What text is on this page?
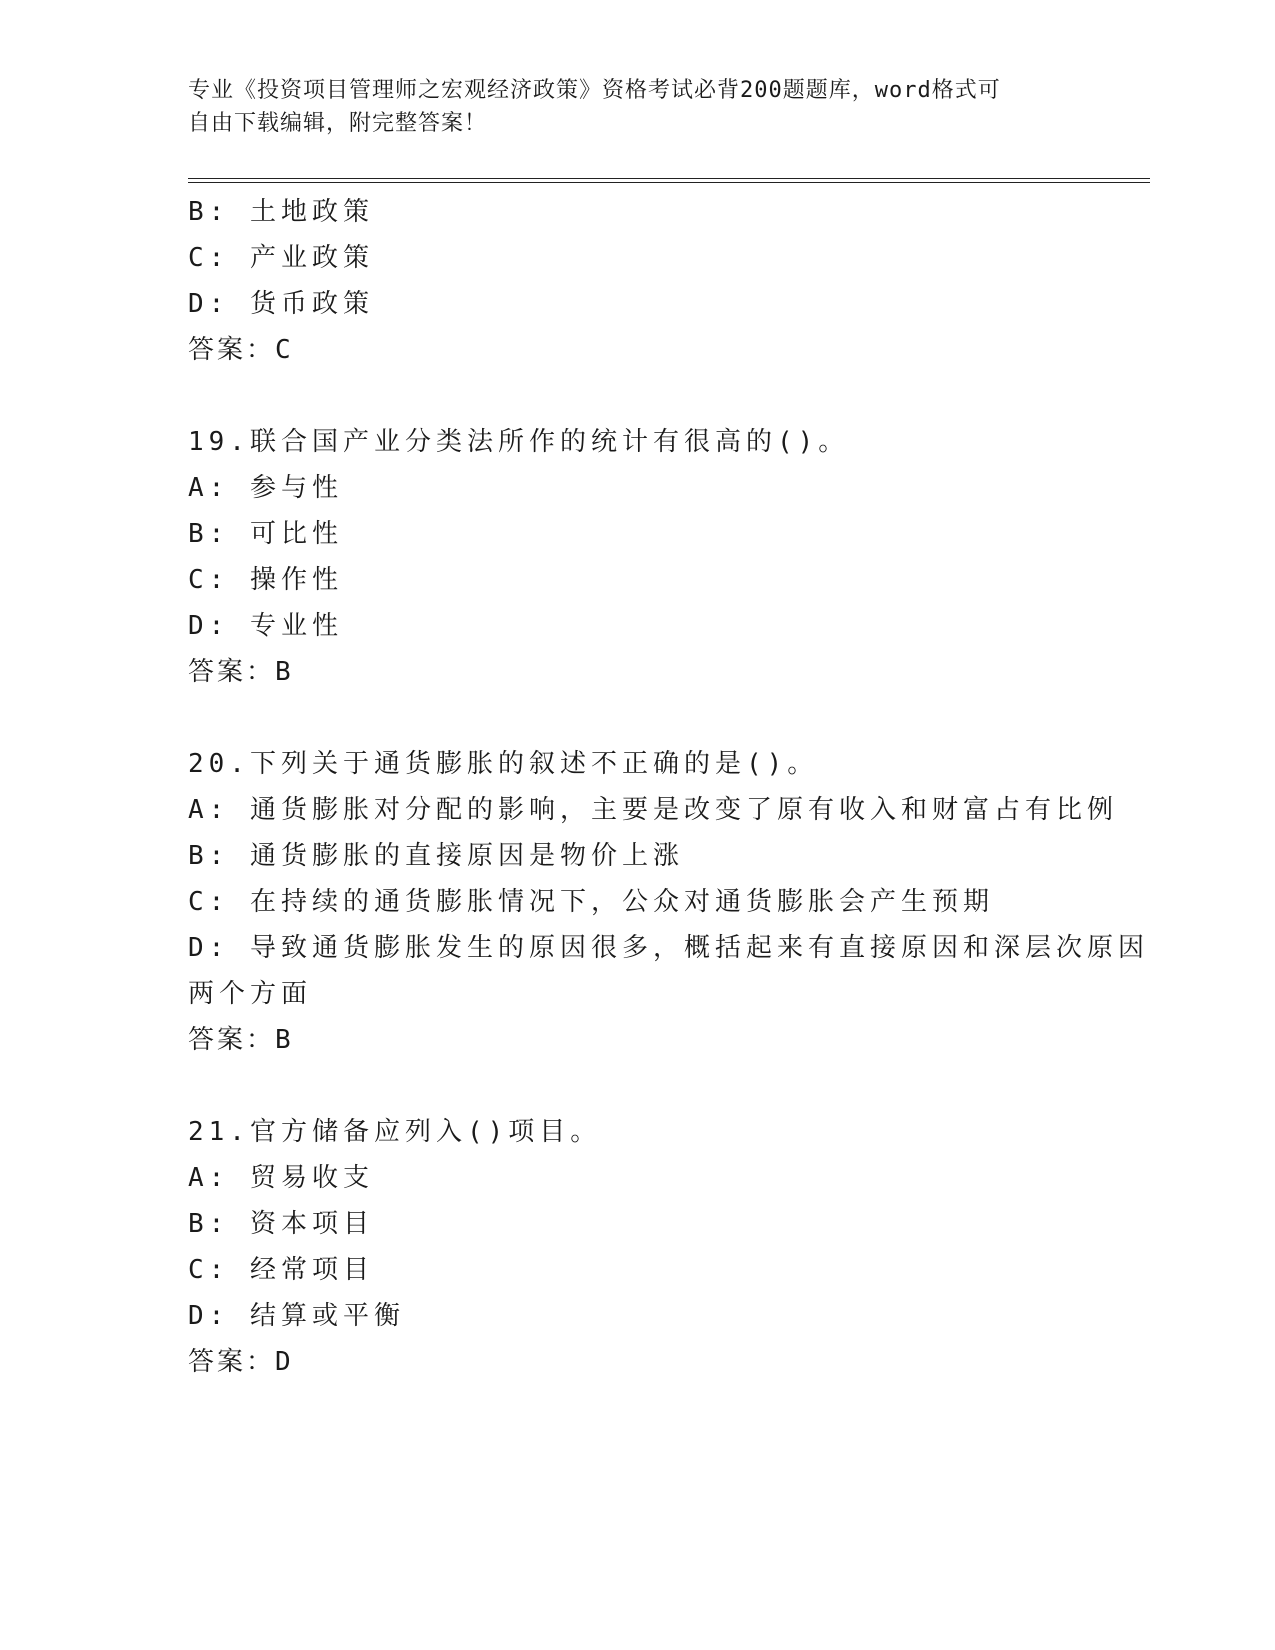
专业《投资项目管理师之宏观经济政策》资格考试必背200题题库，word格式可
自由下载编辑，附完整答案！
B: 土地政策
C: 产业政策
D: 货币政策
答案：C
19.联合国产业分类法所作的统计有很高的()。
A: 参与性
B: 可比性
C: 操作性
D: 专业性
答案：B
20.下列关于通货膨胀的叙述不正确的是()。
A: 通货膨胀对分配的影响，主要是改变了原有收入和财富占有比例
B: 通货膨胀的直接原因是物价上涨
C: 在持续的通货膨胀情况下，公众对通货膨胀会产生预期
D: 导致通货膨胀发生的原因很多，概括起来有直接原因和深层次原因
两个方面
答案：B
21.官方储备应列入()项目。
A: 贸易收支
B: 资本项目
C: 经常项目
D: 结算或平衡
答案：D
